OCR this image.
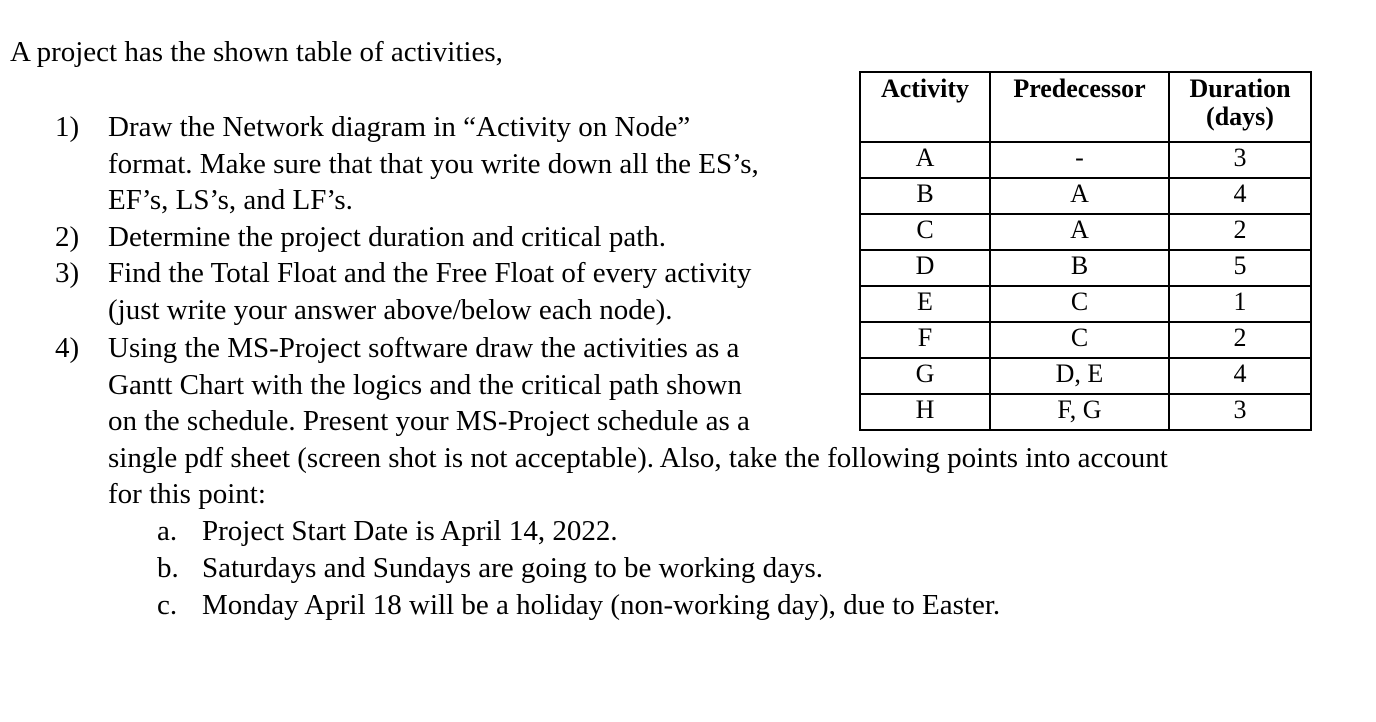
A project has the shown table of activities,
1) Draw the Network diagram in “Activity on Node”
format. Make sure that that you write down all the ES’s,
EF’s, LS’s, and LF’s.
2) Determine the project duration and critical path.
3) Find the Total Float and the Free Float of every activity
(just write your answer above/below each node).
4) Using the MS-Project software draw the activities as a
Gantt Chart with the logics and the critical path shown
on the schedule. Present your MS-Project schedule as a
single pdf sheet (screen shot is not acceptable). Also, take the following points into account
for this point:
a. Project Start Date is April 14, 2022.
b. Saturdays and Sundays are going to be working days.
c. Monday April 18 will be a holiday (non-working day), due to Easter.
Activity	Predecessor	Duration
(days)
A	-	3
B	A	4
C	A	2
D	B	5
E	C	1
F	C	2
G	D, E	4
H	F, G	3
